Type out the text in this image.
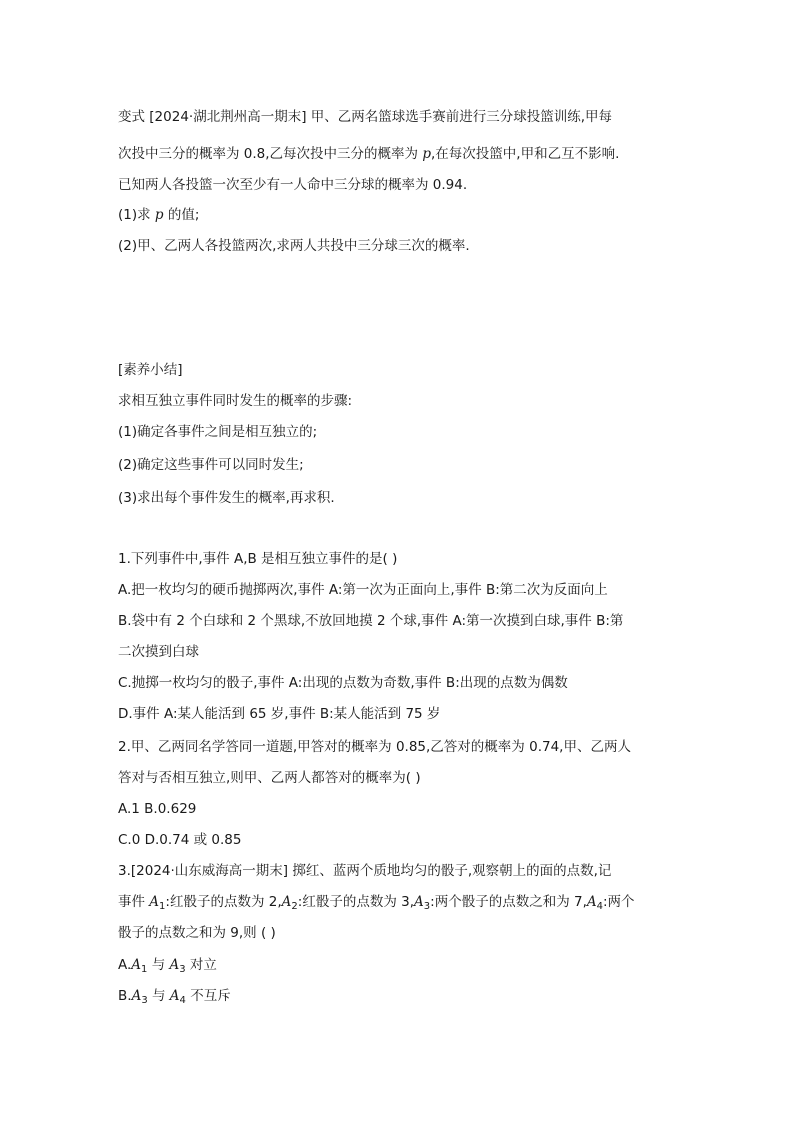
变式 [2024·湖北荆州高一期末] 甲、乙两名篮球选手赛前进行三分球投篮训练,甲每
次投中三分的概率为 0.8,乙每次投中三分的概率为 p,在每次投篮中,甲和乙互不影响.
已知两人各投篮一次至少有一人命中三分球的概率为 0.94.
(1)求 p 的值;
(2)甲、乙两人各投篮两次,求两人共投中三分球三次的概率.
[素养小结]
求相互独立事件同时发生的概率的步骤:
(1)确定各事件之间是相互独立的;
(2)确定这些事件可以同时发生;
(3)求出每个事件发生的概率,再求积.
1.下列事件中,事件 A,B 是相互独立事件的是( )
A.把一枚均匀的硬币抛掷两次,事件 A:第一次为正面向上,事件 B:第二次为反面向上
B.袋中有 2 个白球和 2 个黑球,不放回地摸 2 个球,事件 A:第一次摸到白球,事件 B:第
二次摸到白球
C.抛掷一枚均匀的骰子,事件 A:出现的点数为奇数,事件 B:出现的点数为偶数
D.事件 A:某人能活到 65 岁,事件 B:某人能活到 75 岁
2.甲、乙两同名学答同一道题,甲答对的概率为 0.85,乙答对的概率为 0.74,甲、乙两人
答对与否相互独立,则甲、乙两人都答对的概率为( )
A.1 B.0.629
C.0 D.0.74 或 0.85
3.[2024·山东威海高一期末] 掷红、蓝两个质地均匀的骰子,观察朝上的面的点数,记
事件 $A_1$:红骰子的点数为 $2,A_2$:红骰子的点数为 $3,A_3$:两个骰子的点数之和为 $7,A_4$:两个
骰子的点数之和为 9,则 ( )
$A.A_1$ 与 $A_3$ 对立
$B.A_3$ 与 $A_4$ 不互斥
